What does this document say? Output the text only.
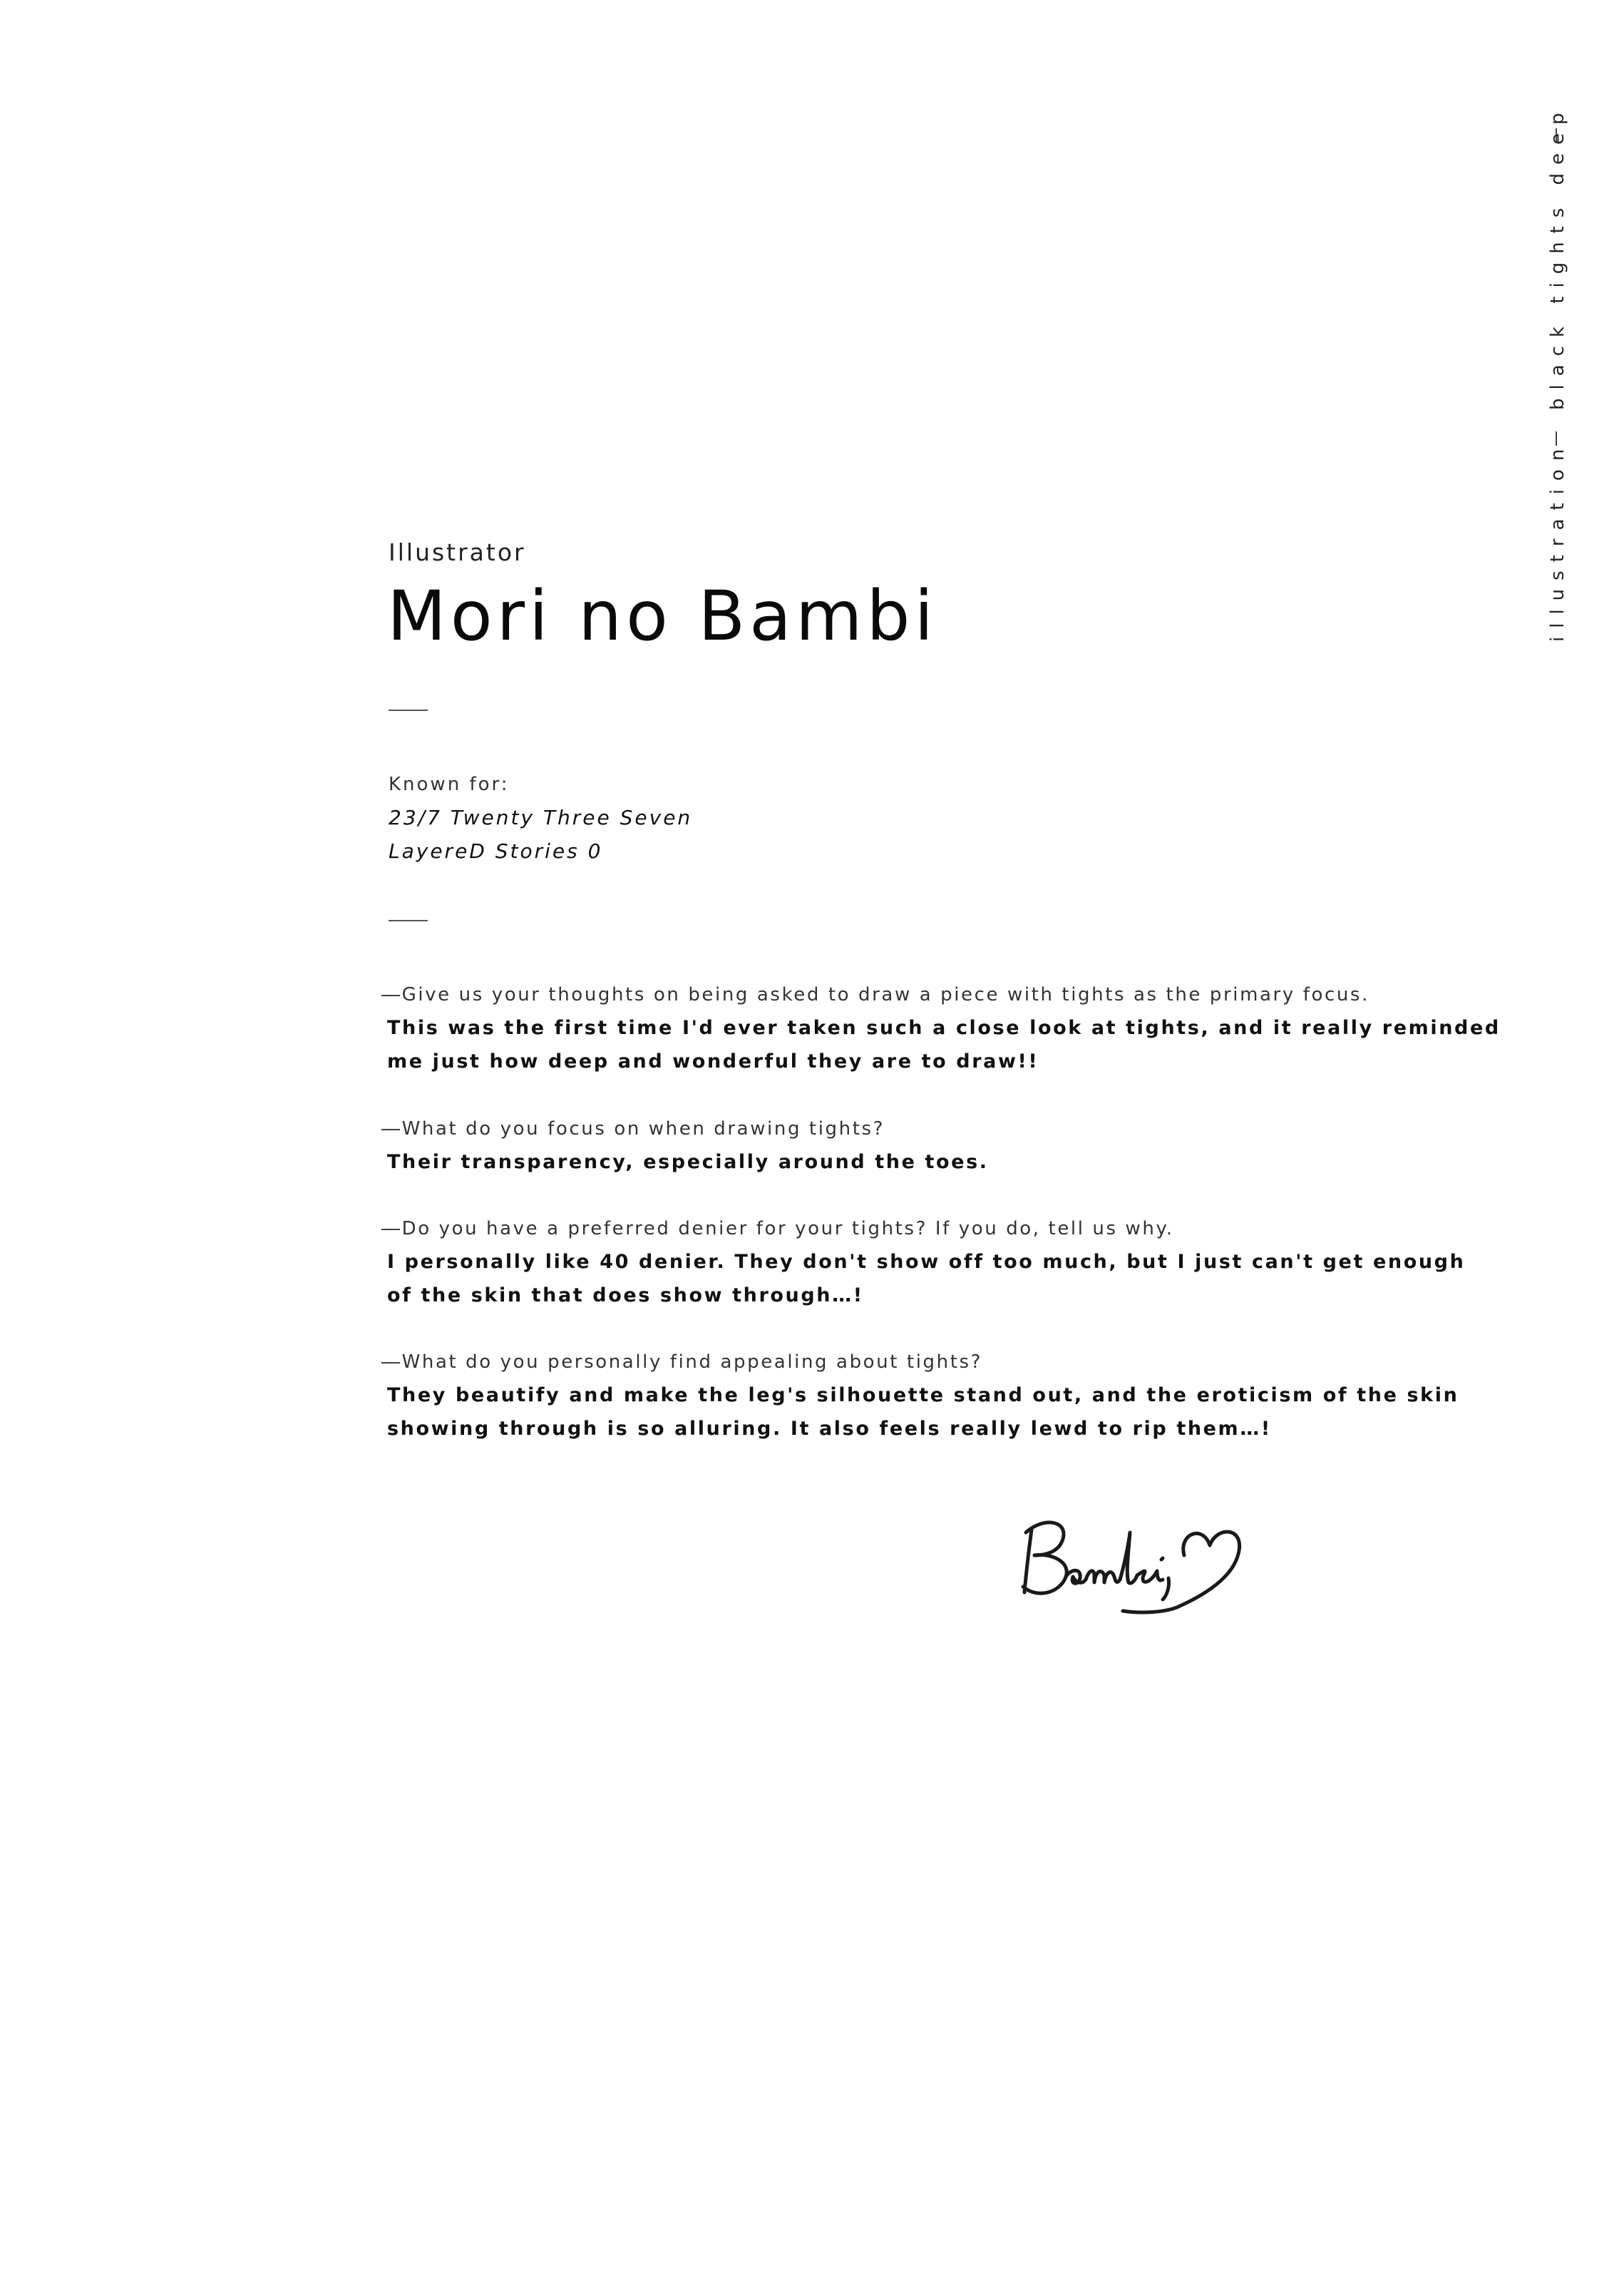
black tights deep
illustration
Illustrator
Mori no Bambi
Known for:
23/7 Twenty Three Seven
LayereD Stories 0
―Give us your thoughts on being asked to draw a piece with tights as the primary focus.
This was the first time I'd ever taken such a close look at tights, and it really reminded
me just how deep and wonderful they are to draw!!
―What do you focus on when drawing tights?
Their transparency, especially around the toes.
―Do you have a preferred denier for your tights? If you do, tell us why.
I personally like 40 denier. They don't show off too much, but I just can't get enough
of the skin that does show through…!
―What do you personally find appealing about tights?
They beautify and make the leg's silhouette stand out, and the eroticism of the skin
showing through is so alluring. It also feels really lewd to rip them…!
